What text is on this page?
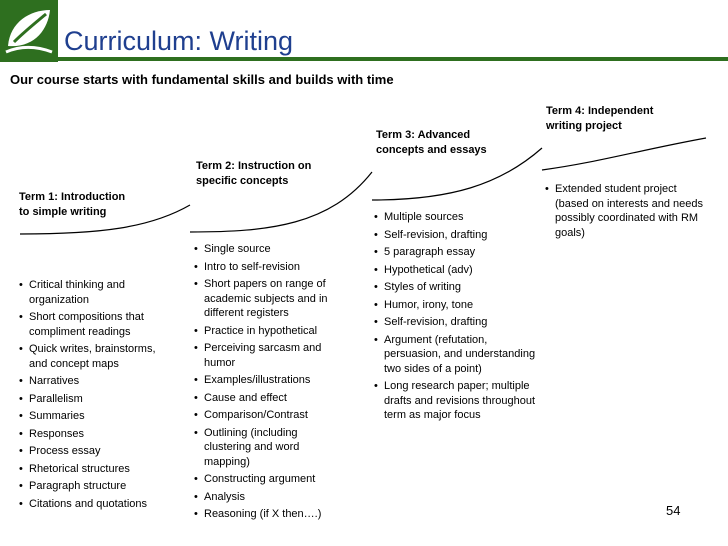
Curriculum: Writing
Our course starts with fundamental skills and builds with time
Term 1: Introduction
to simple writing
Term 2: Instruction on
specific concepts
Term 3: Advanced
concepts and essays
Term 4: Independent
writing project
• Critical thinking and organization
• Short compositions that compliment readings
• Quick writes, brainstorms, and concept maps
• Narratives
• Parallelism
• Summaries
• Responses
• Process essay
• Rhetorical structures
• Paragraph structure
• Citations and quotations
• Single source
• Intro to self-revision
• Short papers on range of academic subjects and in different registers
• Practice in hypothetical
• Perceiving sarcasm and humor
• Examples/illustrations
• Cause and effect
• Comparison/Contrast
• Outlining (including clustering and word mapping)
• Constructing argument
• Analysis
• Reasoning (if X then….)
• Multiple sources
• Self-revision, drafting
• 5 paragraph essay
• Hypothetical (adv)
• Styles of writing
• Humor, irony, tone
• Self-revision, drafting
• Argument (refutation, persuasion, and understanding two sides of a point)
• Long research paper; multiple drafts and revisions throughout term as major focus
• Extended student project (based on interests and needs possibly coordinated with RM goals)
54
